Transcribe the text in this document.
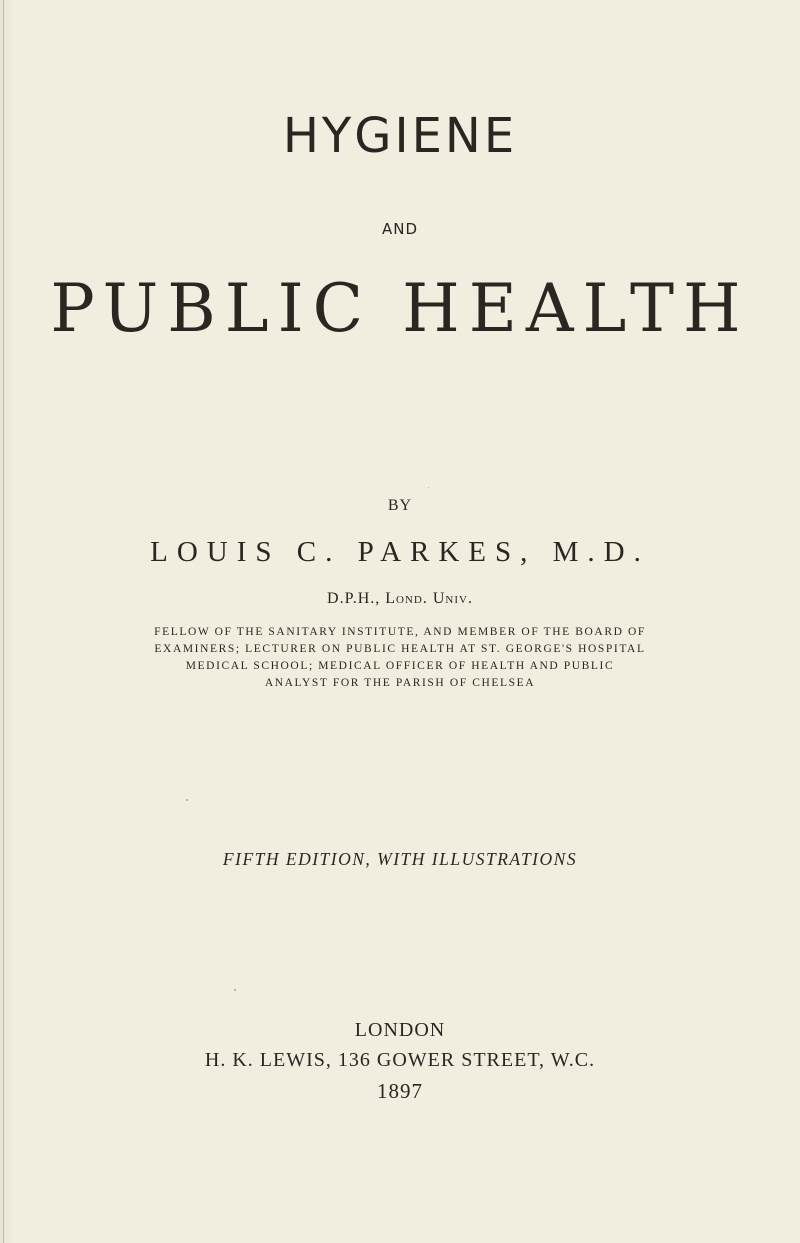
HYGIENE
AND
PUBLIC HEALTH
BY
LOUIS C. PARKES, M.D.
D.P.H., Lond. Univ.
FELLOW OF THE SANITARY INSTITUTE, AND MEMBER OF THE BOARD OF
EXAMINERS; LECTURER ON PUBLIC HEALTH AT ST. GEORGE'S HOSPITAL
MEDICAL SCHOOL; MEDICAL OFFICER OF HEALTH AND PUBLIC
ANALYST FOR THE PARISH OF CHELSEA
FIFTH EDITION, WITH ILLUSTRATIONS
LONDON
H. K. LEWIS, 136 GOWER STREET, W.C.
1897
